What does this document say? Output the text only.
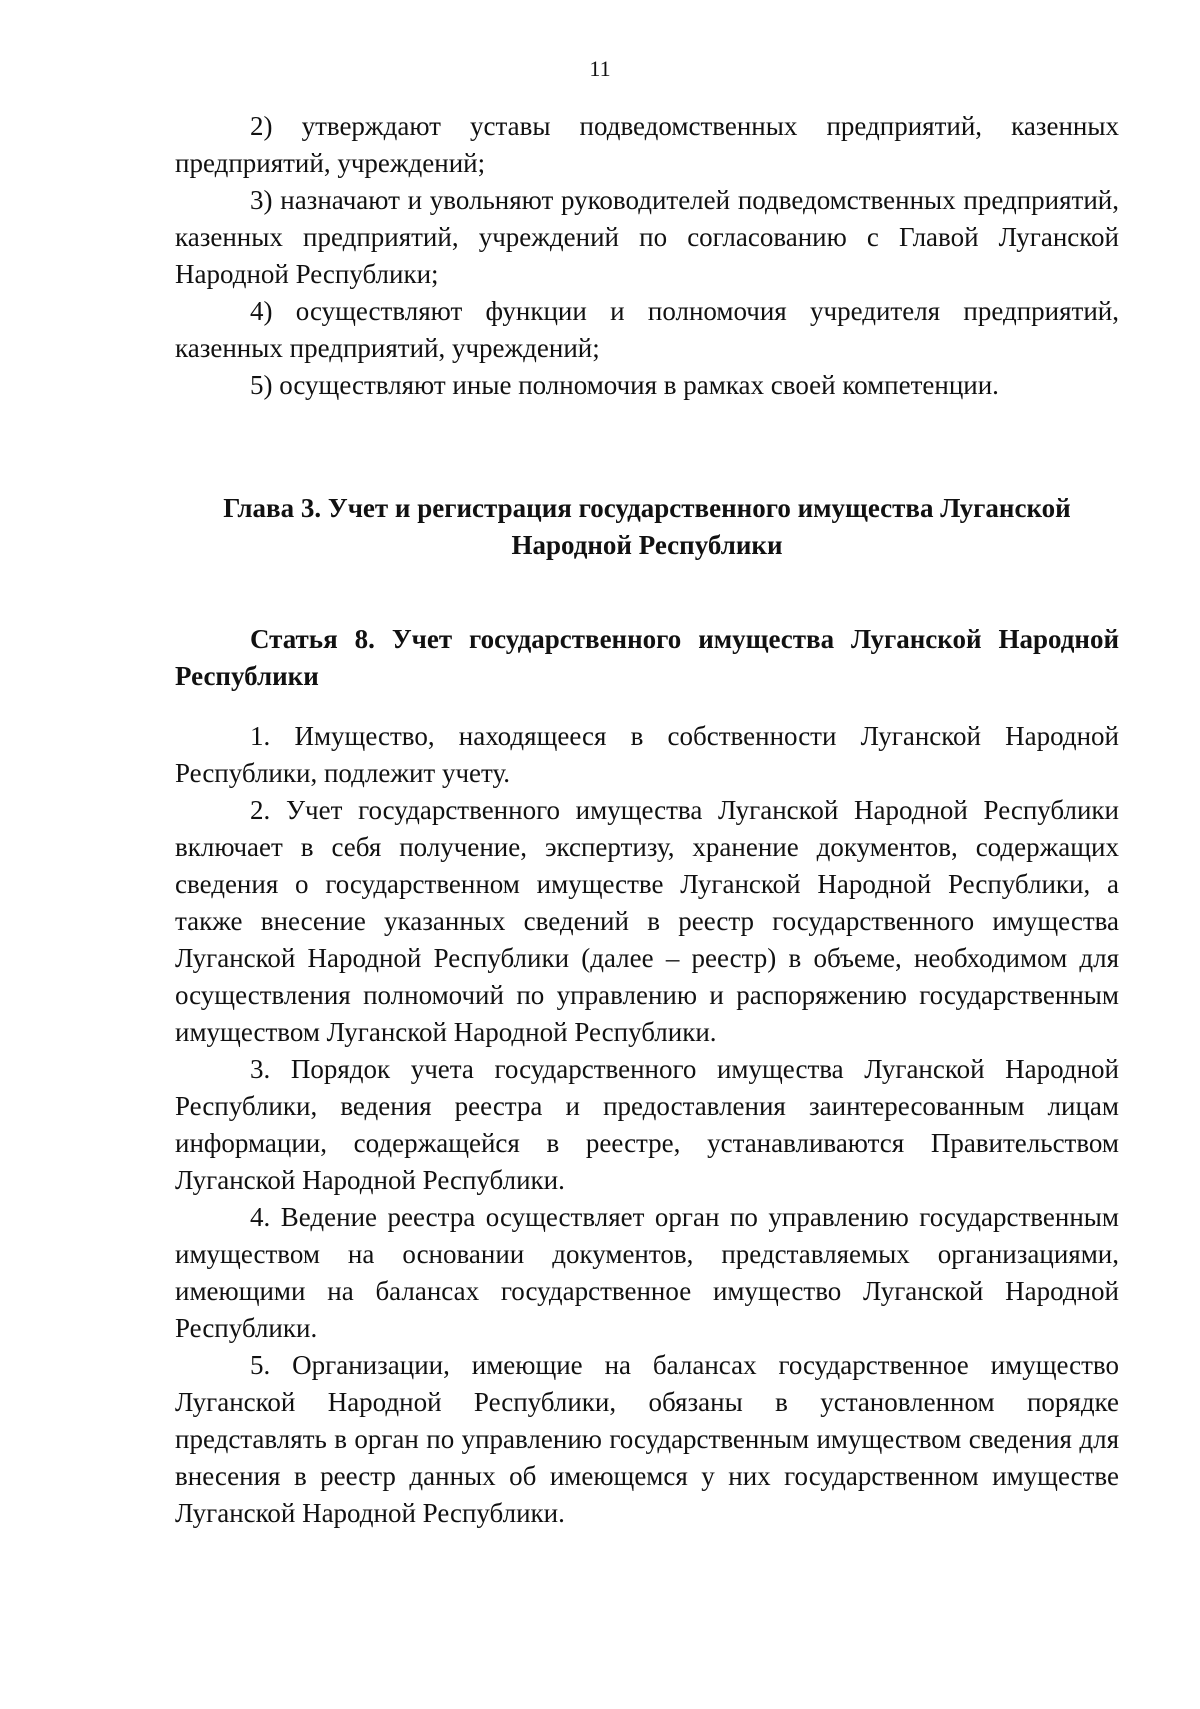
11

2) утверждают уставы подведомственных предприятий, казенных предприятий, учреждений;

3) назначают и увольняют руководителей подведомственных предприятий, казенных предприятий, учреждений по согласованию с Главой Луганской Народной Республики;

4) осуществляют функции и полномочия учредителя предприятий, казенных предприятий, учреждений;

5) осуществляют иные полномочия в рамках своей компетенции.

Глава 3. Учет и регистрация государственного имущества Луганской Народной Республики

Статья 8. Учет государственного имущества Луганской Народной Республики

1. Имущество, находящееся в собственности Луганской Народной Республики, подлежит учету.

2. Учет государственного имущества Луганской Народной Республики включает в себя получение, экспертизу, хранение документов, содержащих сведения о государственном имуществе Луганской Народной Республики, а также внесение указанных сведений в реестр государственного имущества Луганской Народной Республики (далее – реестр) в объеме, необходимом для осуществления полномочий по управлению и распоряжению государственным имуществом Луганской Народной Республики.

3. Порядок учета государственного имущества Луганской Народной Республики, ведения реестра и предоставления заинтересованным лицам информации, содержащейся в реестре, устанавливаются Правительством Луганской Народной Республики.

4. Ведение реестра осуществляет орган по управлению государственным имуществом на основании документов, представляемых организациями, имеющими на балансах государственное имущество Луганской Народной Республики.

5. Организации, имеющие на балансах государственное имущество Луганской Народной Республики, обязаны в установленном порядке представлять в орган по управлению государственным имуществом сведения для внесения в реестр данных об имеющемся у них государственном имуществе Луганской Народной Республики.
